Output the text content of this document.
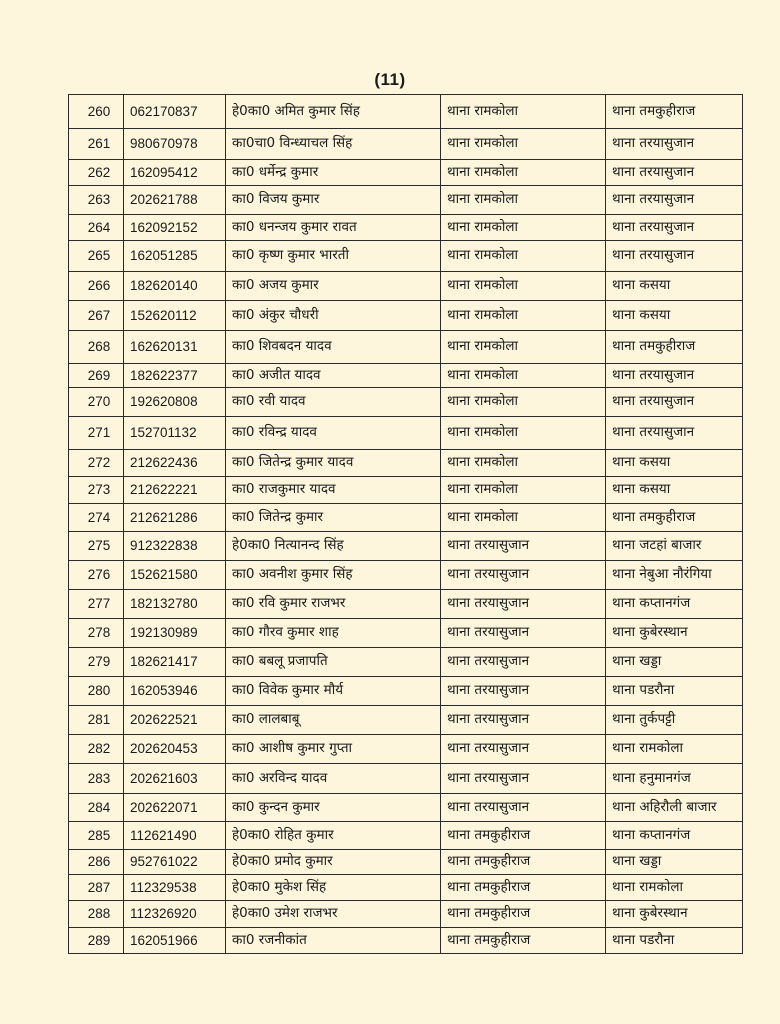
(11)
260	062170837	हे0का0 अमित कुमार सिंह	थाना रामकोला	थाना तमकुहीराज
261	980670978	का0चा0 विन्ध्याचल सिंह	थाना रामकोला	थाना तरयासुजान
262	162095412	का0 धर्मेन्द्र कुमार	थाना रामकोला	थाना तरयासुजान
263	202621788	का0 विजय कुमार	थाना रामकोला	थाना तरयासुजान
264	162092152	का0 धनन्जय कुमार रावत	थाना रामकोला	थाना तरयासुजान
265	162051285	का0 कृष्ण कुमार भारती	थाना रामकोला	थाना तरयासुजान
266	182620140	का0 अजय कुमार	थाना रामकोला	थाना कसया
267	152620112	का0 अंकुर चौधरी	थाना रामकोला	थाना कसया
268	162620131	का0 शिवबदन यादव	थाना रामकोला	थाना तमकुहीराज
269	182622377	का0 अजीत यादव	थाना रामकोला	थाना तरयासुजान
270	192620808	का0 रवी यादव	थाना रामकोला	थाना तरयासुजान
271	152701132	का0 रविन्द्र यादव	थाना रामकोला	थाना तरयासुजान
272	212622436	का0 जितेन्द्र कुमार यादव	थाना रामकोला	थाना कसया
273	212622221	का0 राजकुमार यादव	थाना रामकोला	थाना कसया
274	212621286	का0 जितेन्द्र कुमार	थाना रामकोला	थाना तमकुहीराज
275	912322838	हे0का0 नित्यानन्द सिंह	थाना तरयासुजान	थाना जटहां बाजार
276	152621580	का0 अवनीश कुमार सिंह	थाना तरयासुजान	थाना नेबुआ नौरंगिया
277	182132780	का0 रवि कुमार राजभर	थाना तरयासुजान	थाना कप्तानगंज
278	192130989	का0 गौरव कुमार शाह	थाना तरयासुजान	थाना कुबेरस्थान
279	182621417	का0 बबलू प्रजापति	थाना तरयासुजान	थाना खड्डा
280	162053946	का0 विवेक कुमार मौर्य	थाना तरयासुजान	थाना पडरौना
281	202622521	का0 लालबाबू	थाना तरयासुजान	थाना तुर्कपट्टी
282	202620453	का0 आशीष कुमार गुप्ता	थाना तरयासुजान	थाना रामकोला
283	202621603	का0 अरविन्द यादव	थाना तरयासुजान	थाना हनुमानगंज
284	202622071	का0 कुन्दन कुमार	थाना तरयासुजान	थाना अहिरौली बाजार
285	112621490	हे0का0 रोहित कुमार	थाना तमकुहीराज	थाना कप्तानगंज
286	952761022	हे0का0 प्रमोद कुमार	थाना तमकुहीराज	थाना खड्डा
287	112329538	हे0का0 मुकेश सिंह	थाना तमकुहीराज	थाना रामकोला
288	112326920	हे0का0 उमेश राजभर	थाना तमकुहीराज	थाना कुबेरस्थान
289	162051966	का0 रजनीकांत	थाना तमकुहीराज	थाना पडरौना
